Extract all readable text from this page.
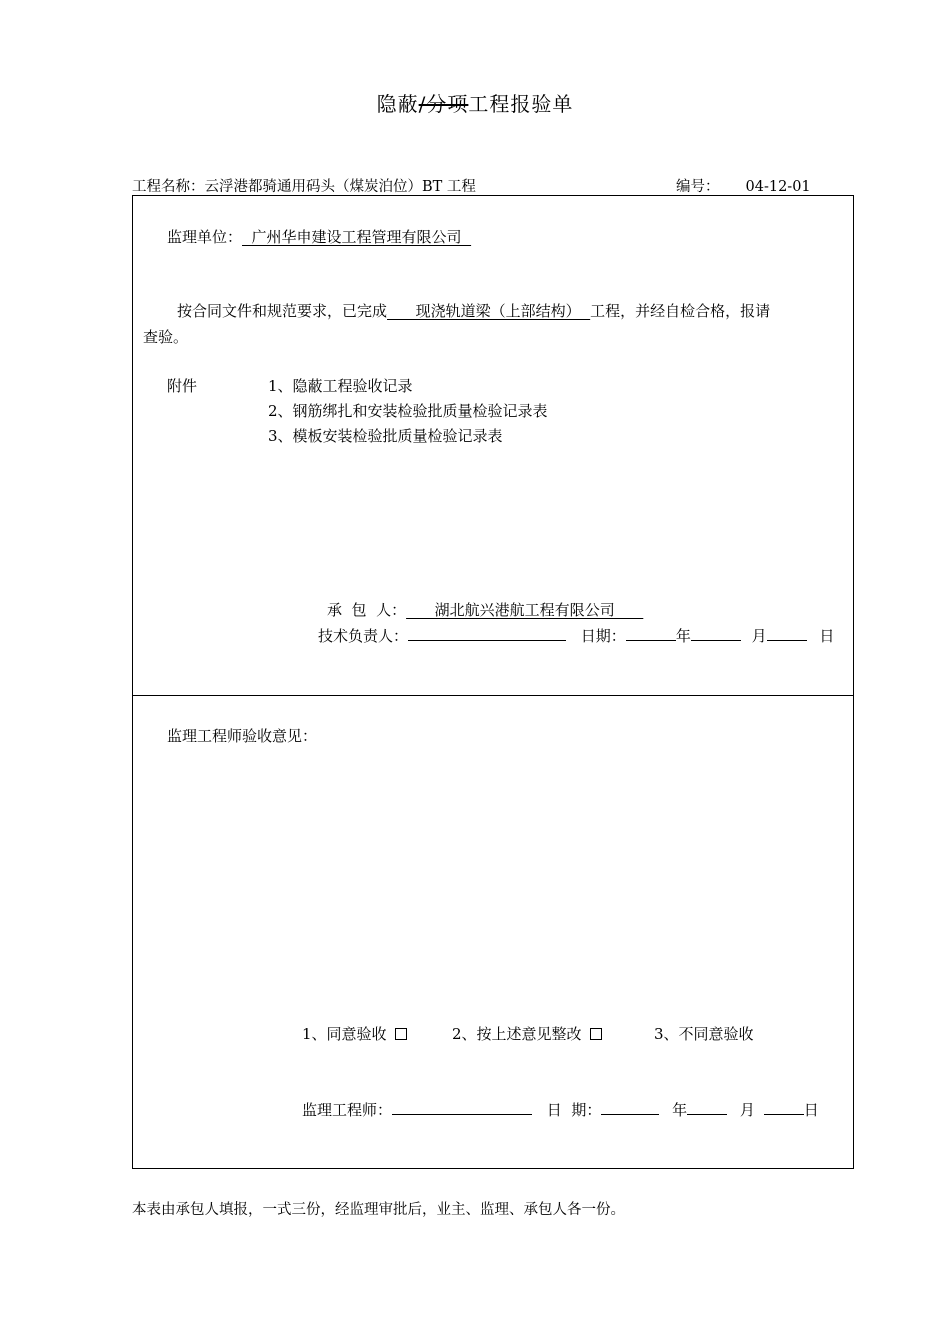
隐蔽/分项工程报验单
工程名称：云浮港都骑通用码头（煤炭泊位）BT 工程	编号： 04-12-01
监理单位：  广州华申建设工程管理有限公司
按合同文件和规范要求，已完成      现浇轨道梁（上部结构）  工程，并经自检合格，报请
查验。
附件	1、隐蔽工程验收记录
2、钢筋绑扎和安装检验批质量检验记录表
3、模板安装检验批质量检验记录表
承  包  人：      湖北航兴港航工程有限公司
技术负责人：	日期：	年	月	日
监理工程师验收意见：
1、同意验收	2、按上述意见整改	3、不同意验收
监理工程师：	日  期：	年	月	日
本表由承包人填报，一式三份，经监理审批后，业主、监理、承包人各一份。
